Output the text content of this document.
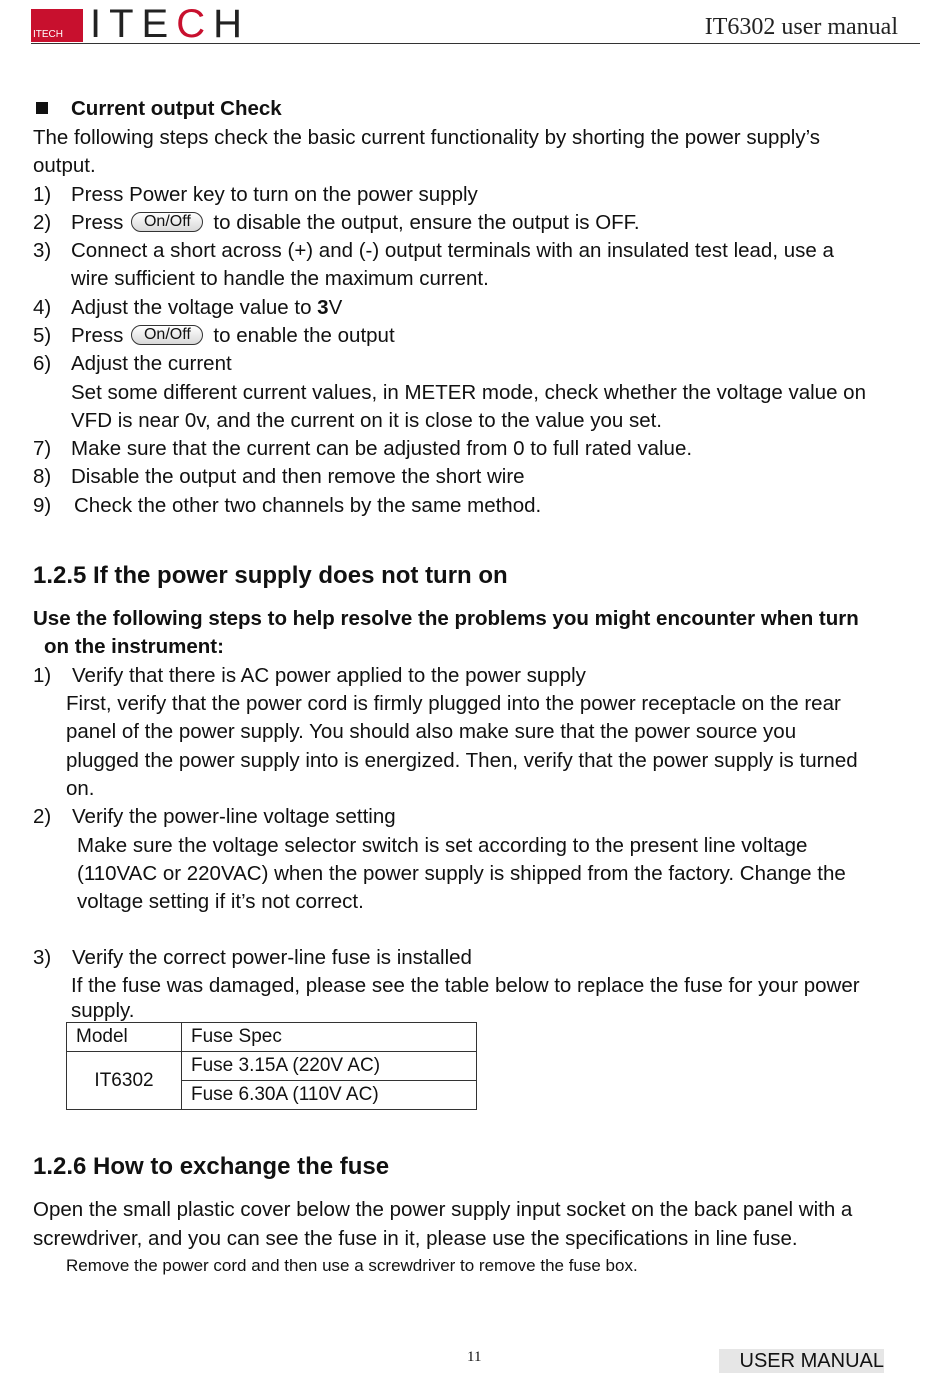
ITECH ITECH	IT6302 user manual
Current output Check
The following steps check the basic current functionality by shorting the power supply’s
output.
1) Press Power key to turn on the power supply
2) Press On/Off to disable the output, ensure the output is OFF.
3) Connect a short across (+) and (-) output terminals with an insulated test lead, use a
wire sufficient to handle the maximum current.
4) Adjust the voltage value to 3V
5) Press On/Off to enable the output
6) Adjust the current
Set some different current values, in METER mode, check whether the voltage value on
VFD is near 0v, and the current on it is close to the value you set.
7) Make sure that the current can be adjusted from 0 to full rated value.
8) Disable the output and then remove the short wire
9) Check the other two channels by the same method.
1.2.5 If the power supply does not turn on
Use the following steps to help resolve the problems you might encounter when turn
on the instrument:
1) Verify that there is AC power applied to the power supply
First, verify that the power cord is firmly plugged into the power receptacle on the rear
panel of the power supply. You should also make sure that the power source you
plugged the power supply into is energized. Then, verify that the power supply is turned
on.
2) Verify the power-line voltage setting
Make sure the voltage selector switch is set according to the present line voltage
(110VAC or 220VAC) when the power supply is shipped from the factory. Change the
voltage setting if it’s not correct.
3) Verify the correct power-line fuse is installed
If the fuse was damaged, please see the table below to replace the fuse for your power
supply.
Model	Fuse Spec
IT6302	Fuse 3.15A (220V AC)
	Fuse 6.30A (110V AC)
1.2.6 How to exchange the fuse
Open the small plastic cover below the power supply input socket on the back panel with a
screwdriver, and you can see the fuse in it, please use the specifications in line fuse.
Remove the power cord and then use a screwdriver to remove the fuse box.
11	USER MANUAL
